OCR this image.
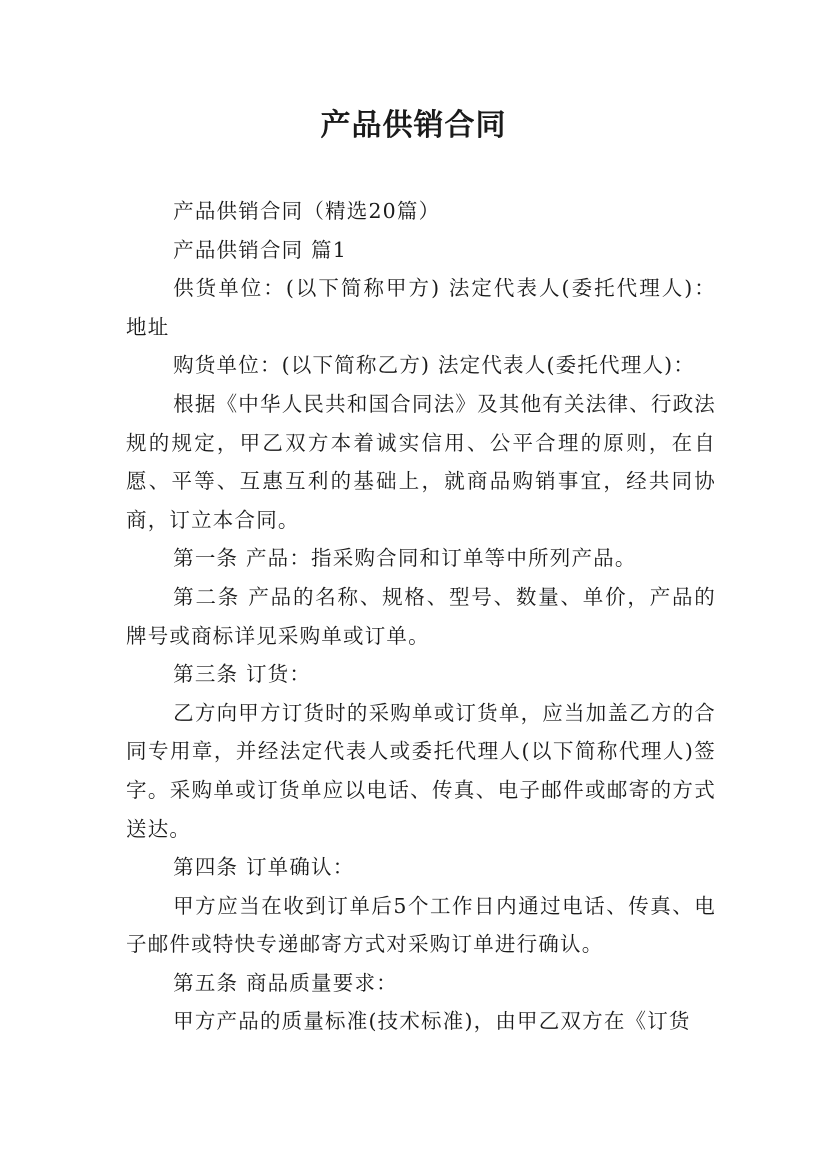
产品供销合同

产品供销合同（精选20篇）

产品供销合同 篇1

供货单位：(以下简称甲方) 法定代表人(委托代理人)：地址

购货单位：(以下简称乙方) 法定代表人(委托代理人)：

根据《中华人民共和国合同法》及其他有关法律、行政法规的规定，甲乙双方本着诚实信用、公平合理的原则，在自愿、平等、互惠互利的基础上，就商品购销事宜，经共同协商，订立本合同。

第一条 产品：指采购合同和订单等中所列产品。

第二条 产品的名称、规格、型号、数量、单价，产品的牌号或商标详见采购单或订单。

第三条 订货：

乙方向甲方订货时的采购单或订货单，应当加盖乙方的合同专用章，并经法定代表人或委托代理人(以下简称代理人)签字。采购单或订货单应以电话、传真、电子邮件或邮寄的方式送达。

第四条 订单确认：

甲方应当在收到订单后5个工作日内通过电话、传真、电子邮件或特快专递邮寄方式对采购订单进行确认。

第五条 商品质量要求：

甲方产品的质量标准(技术标准)，由甲乙双方在《订货
